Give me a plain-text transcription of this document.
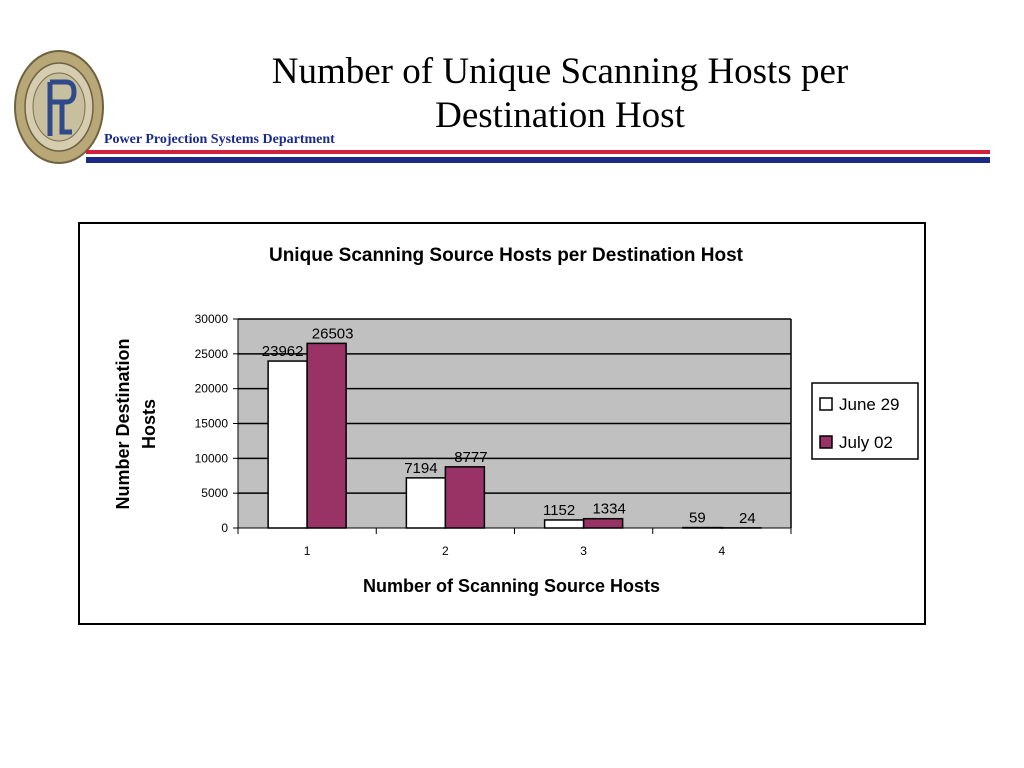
Power Projection Systems Department
Number of Unique Scanning Hosts per
Destination Host
0
5000
10000
15000
20000
25000
30000
23962
26503
1
7194
8777
2
1152 1334
3
59 24
4
Unique Scanning Source Hosts per Destination Host
Number of Scanning Source Hosts
Number Destination Hosts	June 29
July 02
